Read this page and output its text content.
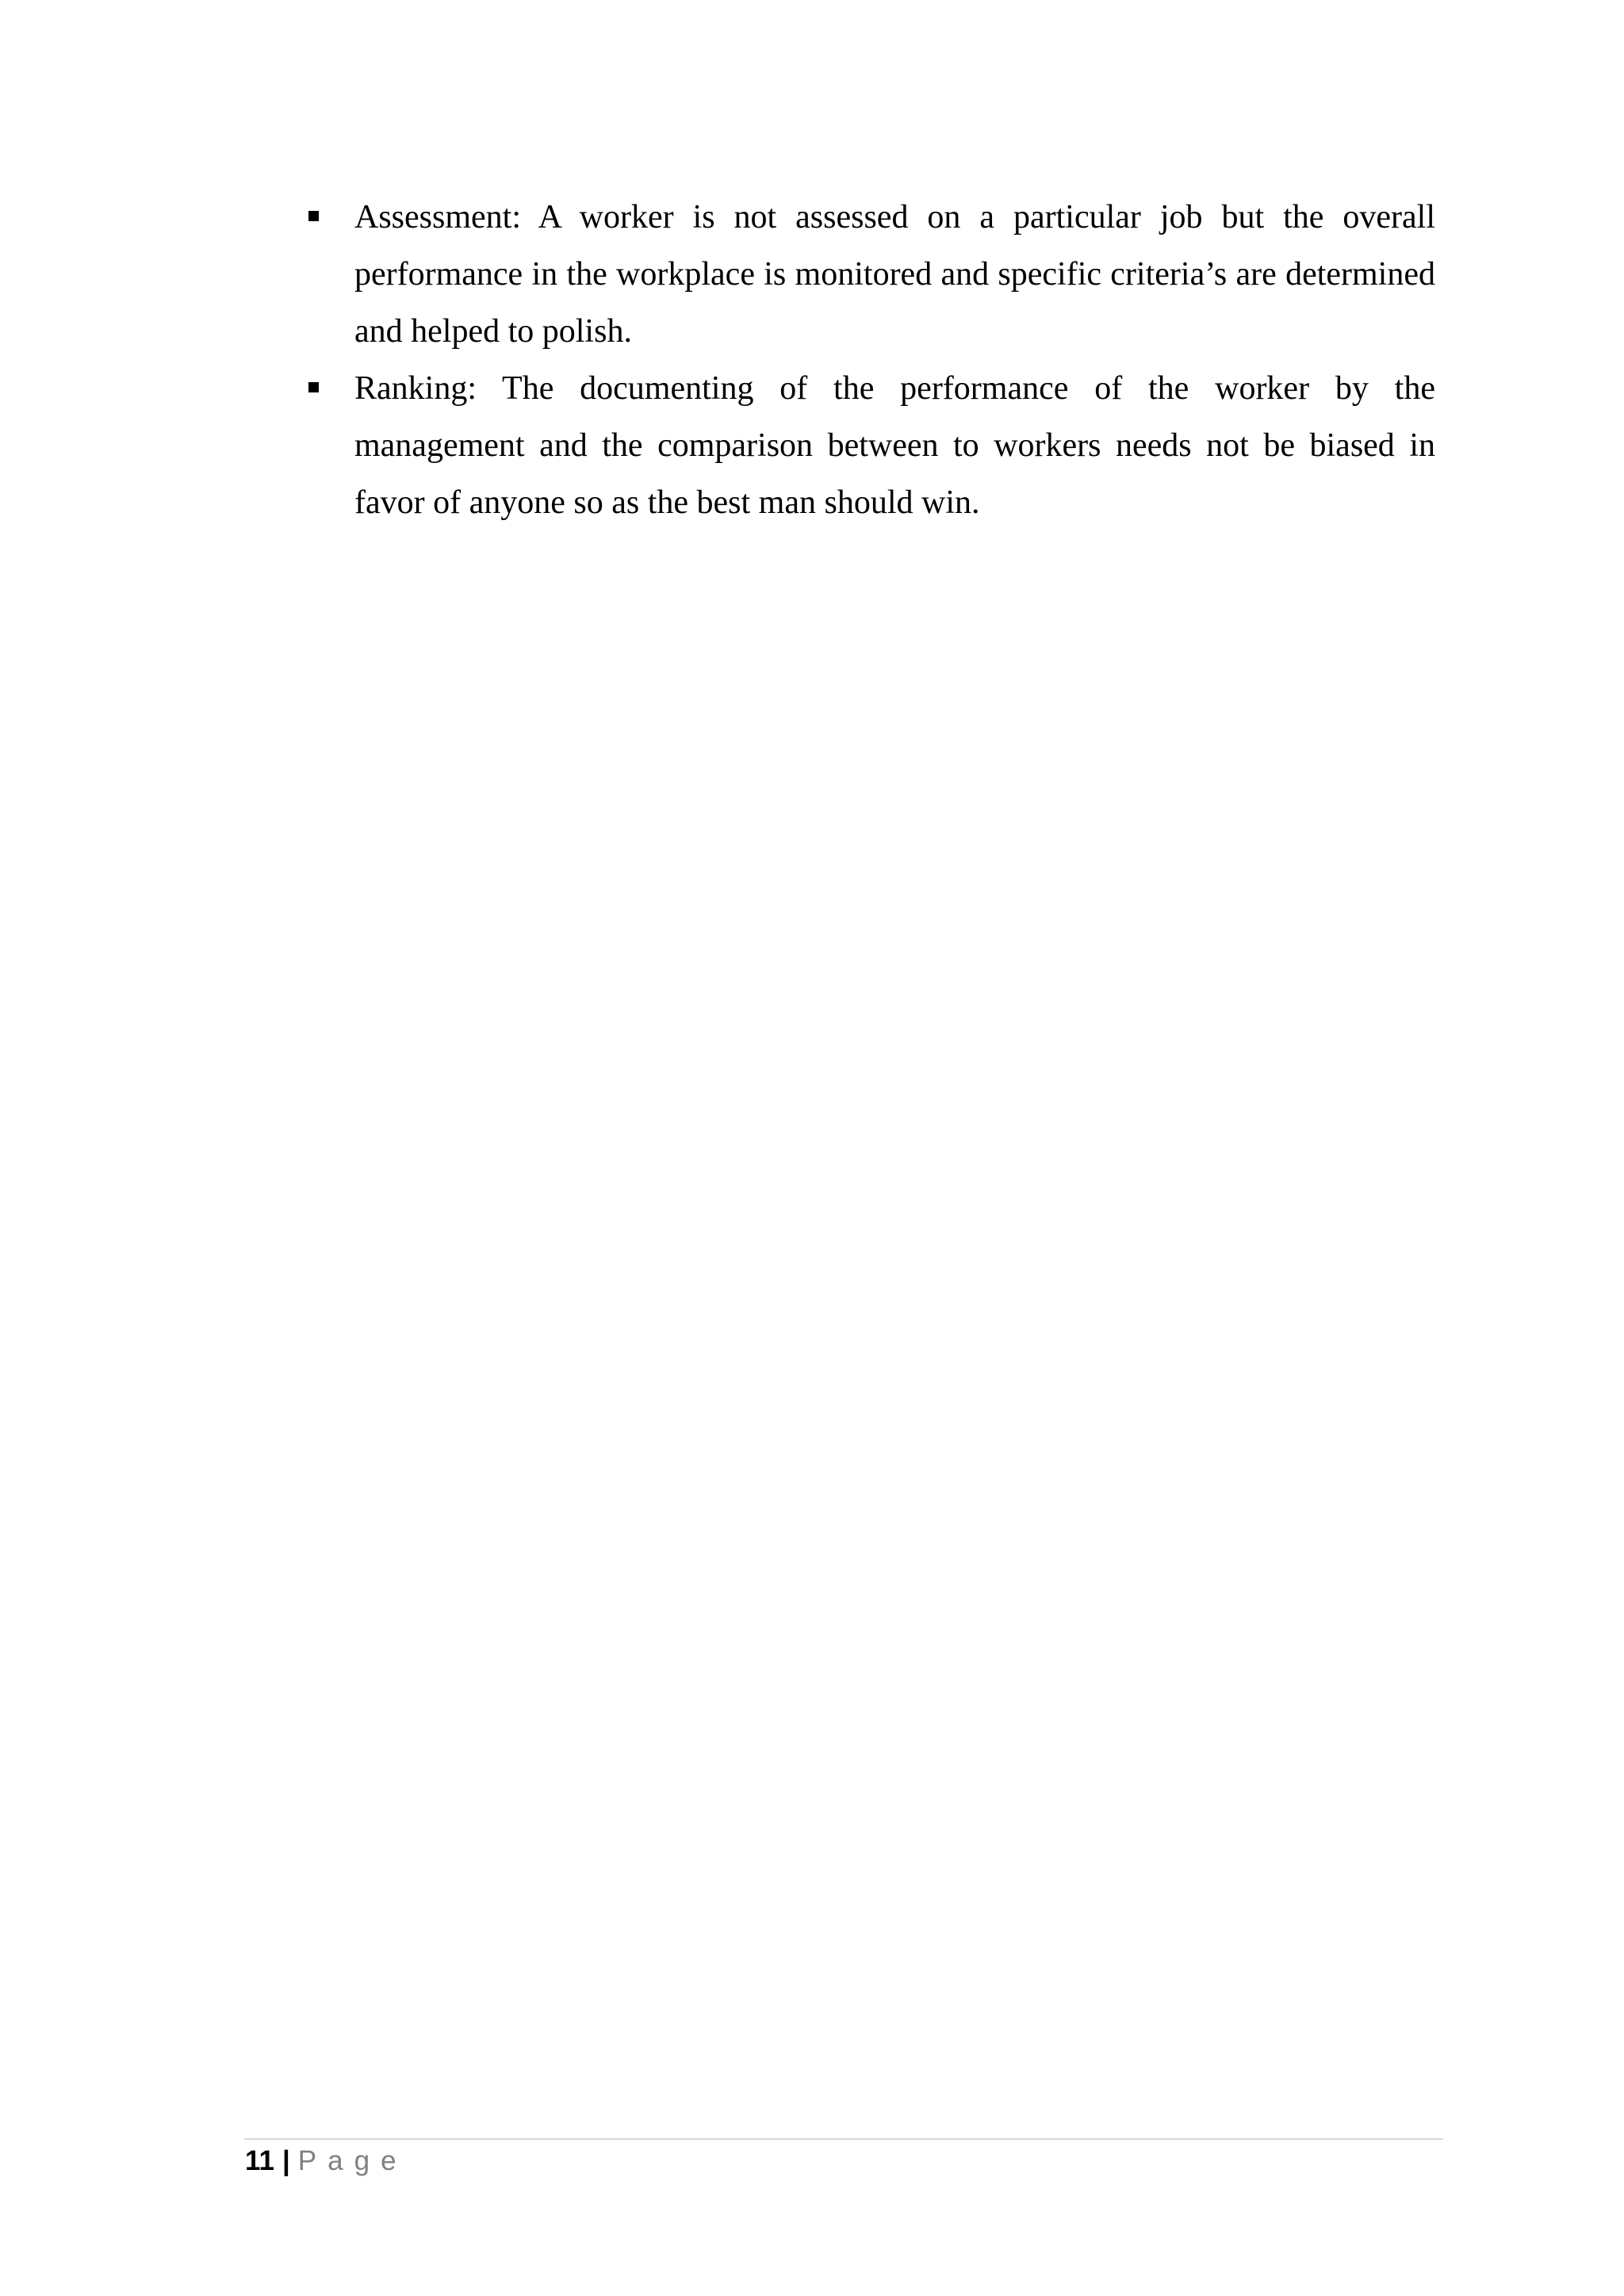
Assessment: A worker is not assessed on a particular job but the overall performance in the workplace is monitored and specific criteria’s are determined and helped to polish.
Ranking: The documenting of the performance of the worker by the management and the comparison between to workers needs not be biased in favor of anyone so as the best man should win.
11 | Page
